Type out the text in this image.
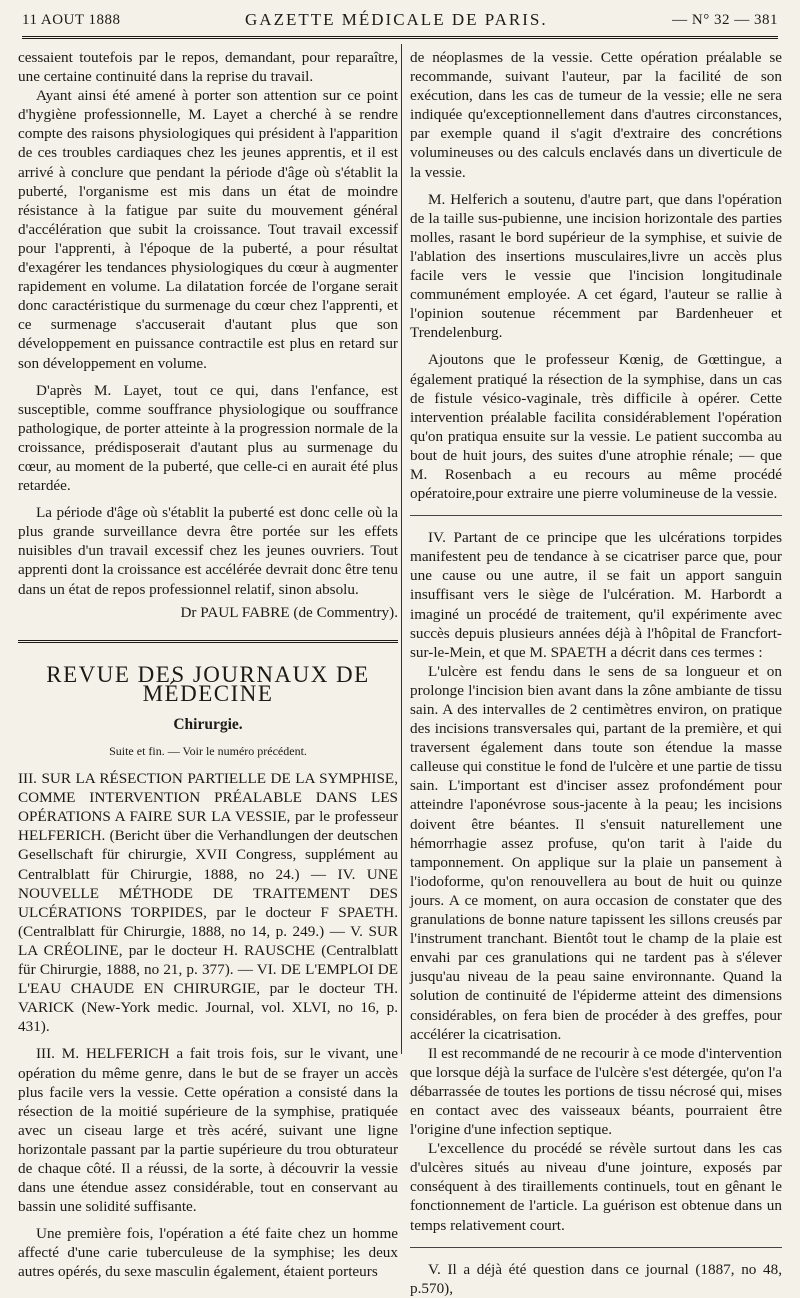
11 AOUT 1888	GAZETTE MÉDICALE DE PARIS.	— N° 32 — 381

cessaient toutefois par le repos, demandant, pour reparaître, une certaine continuité dans la reprise du travail.

Ayant ainsi été amené à porter son attention sur ce point d'hygiène professionnelle, M. Layet a cherché à se rendre compte des raisons physiologiques qui président à l'apparition de ces troubles cardiaques chez les jeunes apprentis, et il est arrivé à conclure que pendant la période d'âge où s'établit la puberté, l'organisme est mis dans un état de moindre résistance à la fatigue par suite du mouvement général d'accélération que subit la croissance. Tout travail excessif pour l'apprenti, à l'époque de la puberté, a pour résultat d'exagérer les tendances physiologiques du cœur à augmenter rapidement en volume. La dilatation forcée de l'organe serait donc caractéristique du surmenage du cœur chez l'apprenti, et ce surmenage s'accuserait d'autant plus que son développement en puissance contractile est plus en retard sur son développement en volume.

D'après M. Layet, tout ce qui, dans l'enfance, est susceptible, comme souffrance physiologique ou souffrance pathologique, de porter atteinte à la progression normale de la croissance, prédisposerait d'autant plus au surmenage du cœur, au moment de la puberté, que celle-ci en aurait été plus retardée.

La période d'âge où s'établit la puberté est donc celle où la plus grande surveillance devra être portée sur les effets nuisibles d'un travail excessif chez les jeunes ouvriers. Tout apprenti dont la croissance est accélérée devrait donc être tenu dans un état de repos professionnel relatif, sinon absolu.

Dr PAUL FABRE (de Commentry).

REVUE DES JOURNAUX DE MÉDECINE

Chirurgie.

Suite et fin. — Voir le numéro précédent.

III. SUR LA RÉSECTION PARTIELLE DE LA SYMPHISE, COMME INTERVENTION PRÉALABLE DANS LES OPÉRATIONS A FAIRE SUR LA VESSIE, par le professeur HELFERICH. (Bericht über die Verhandlungen der deutschen Gesellschaft für chirurgie, XVII Congress, supplément au Centralblatt für Chirurgie, 1888, no 24.) — IV. UNE NOUVELLE MÉTHODE DE TRAITEMENT DES ULCÉRATIONS TORPIDES, par le docteur F SPAETH. (Centralblatt für Chirurgie, 1888, no 14, p. 249.) — V. SUR LA CRÉOLINE, par le docteur H. RAUSCHE (Centralblatt für Chirurgie, 1888, no 21, p. 377). — VI. DE L'EMPLOI DE L'EAU CHAUDE EN CHIRURGIE, par le docteur TH. VARICK (New-York medic. Journal, vol. XLVI, no 16, p. 431).

III. M. HELFERICH a fait trois fois, sur le vivant, une opération du même genre, dans le but de se frayer un accès plus facile vers la vessie. Cette opération a consisté dans la résection de la moitié supérieure de la symphise, pratiquée avec un ciseau large et très acéré, suivant une ligne horizontale passant par la partie supérieure du trou obturateur de chaque côté. Il a réussi, de la sorte, à découvrir la vessie dans une étendue assez considérable, tout en conservant au bassin une solidité suffisante.

Une première fois, l'opération a été faite chez un homme affecté d'une carie tuberculeuse de la symphise; les deux autres opérés, du sexe masculin également, étaient porteurs

de néoplasmes de la vessie. Cette opération préalable se recommande, suivant l'auteur, par la facilité de son exécution, dans les cas de tumeur de la vessie; elle ne sera indiquée qu'exceptionnellement dans d'autres circonstances, par exemple quand il s'agit d'extraire des concrétions volumineuses ou des calculs enclavés dans un diverticule de la vessie.

M. Helferich a soutenu, d'autre part, que dans l'opération de la taille sus-pubienne, une incision horizontale des parties molles, rasant le bord supérieur de la symphise, et suivie de l'ablation des insertions musculaires,livre un accès plus facile vers le vessie que l'incision longitudinale communément employée. A cet égard, l'auteur se rallie à l'opinion soutenue récemment par Bardenheuer et Trendelenburg.

Ajoutons que le professeur Kœnig, de Gœttingue, a également pratiqué la résection de la symphise, dans un cas de fistule vésico-vaginale, très difficile à opérer. Cette intervention préalable facilita considérablement l'opération qu'on pratiqua ensuite sur la vessie. Le patient succomba au bout de huit jours, des suites d'une atrophie rénale; — que M. Rosenbach a eu recours au même procédé opératoire,pour extraire une pierre volumineuse de la vessie.

IV. Partant de ce principe que les ulcérations torpides manifestent peu de tendance à se cicatriser parce que, pour une cause ou une autre, il se fait un apport sanguin insuffisant vers le siège de l'ulcération. M. Harbordt a imaginé un procédé de traitement, qu'il expérimente avec succès depuis plusieurs années déjà à l'hôpital de Francfort-sur-le-Mein, et que M. SPAETH a décrit dans ces termes :

L'ulcère est fendu dans le sens de sa longueur et on prolonge l'incision bien avant dans la zône ambiante de tissu sain. A des intervalles de 2 centimètres environ, on pratique des incisions transversales qui, partant de la première, et qui traversent également dans toute son étendue la masse calleuse qui constitue le fond de l'ulcère et une partie de tissu sain. L'important est d'inciser assez profondément pour atteindre l'aponévrose sous-jacente à la peau; les incisions doivent être béantes. Il s'ensuit naturellement une hémorrhagie assez profuse, qu'on tarit à l'aide du tamponnement. On applique sur la plaie un pansement à l'iodoforme, qu'on renouvellera au bout de huit ou quinze jours. A ce moment, on aura occasion de constater que des granulations de bonne nature tapissent les sillons creusés par l'instrument tranchant. Bientôt tout le champ de la plaie est envahi par ces granulations qui ne tardent pas à s'élever jusqu'au niveau de la peau saine environnante. Quand la solution de continuité de l'épiderme atteint des dimensions considérables, on fera bien de procéder à des greffes, pour accélérer la cicatrisation.

Il est recommandé de ne recourir à ce mode d'intervention que lorsque déjà la surface de l'ulcère s'est détergée, qu'on l'a débarrassée de toutes les portions de tissu nécrosé qui, mises en contact avec des vaisseaux béants, pourraient être l'origine d'une infection septique.

L'excellence du procédé se révèle surtout dans les cas d'ulcères situés au niveau d'une jointure, exposés par conséquent à des tiraillements continuels, tout en gênant le fonctionnement de l'article. La guérison est obtenue dans un temps relativement court.

V. Il a déjà été question dans ce journal (1887, no 48, p.570),
